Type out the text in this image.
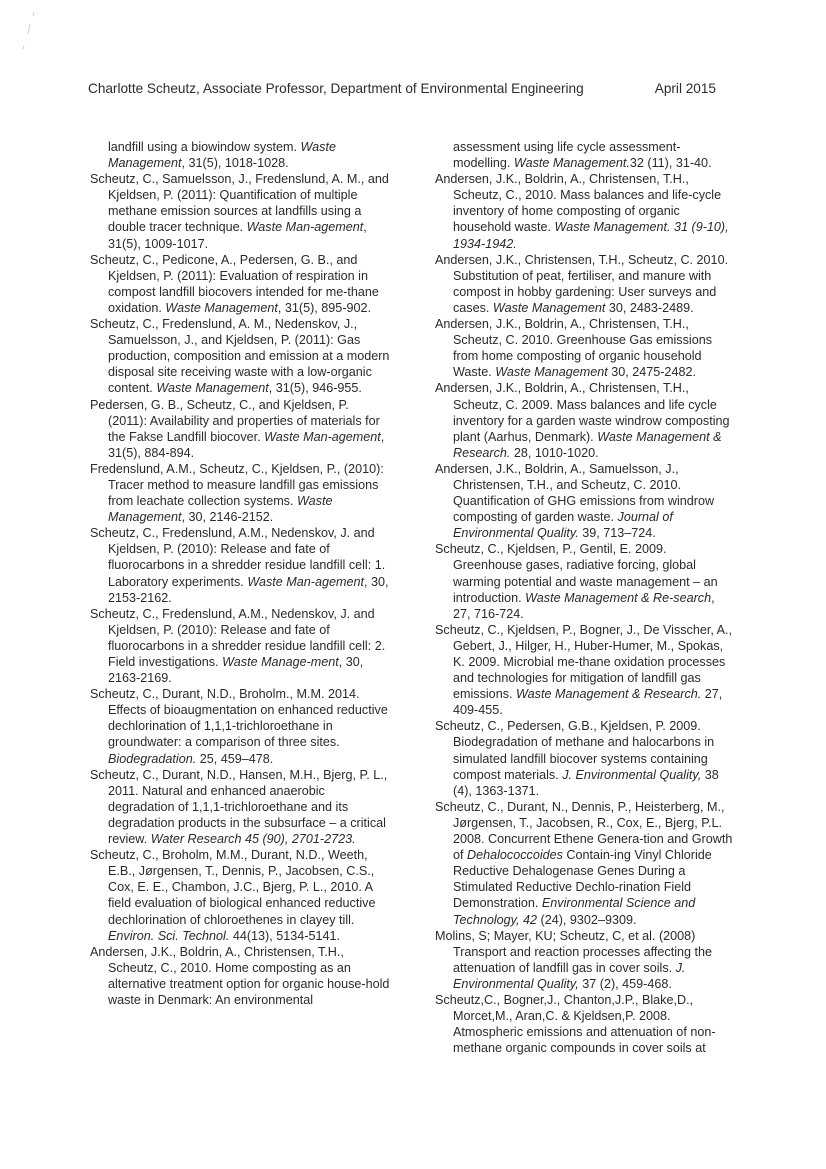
Charlotte Scheutz, Associate Professor, Department of Environmental Engineering	April 2015

landfill using a biowindow system. Waste Management, 31(5), 1018-1028.

Scheutz, C., Samuelsson, J., Fredenslund, A. M., and Kjeldsen, P. (2011): Quantification of multiple methane emission sources at landfills using a double tracer technique. Waste Man-agement, 31(5), 1009-1017.

Scheutz, C., Pedicone, A., Pedersen, G. B., and Kjeldsen, P. (2011): Evaluation of respiration in compost landfill biocovers intended for me-thane oxidation. Waste Management, 31(5), 895-902.

Scheutz, C., Fredenslund, A. M., Nedenskov, J., Samuelsson, J., and Kjeldsen, P. (2011): Gas production, composition and emission at a modern disposal site receiving waste with a low-organic content. Waste Management, 31(5), 946-955.

Pedersen, G. B., Scheutz, C., and Kjeldsen, P. (2011): Availability and properties of materials for the Fakse Landfill biocover. Waste Man-agement, 31(5), 884-894.

Fredenslund, A.M., Scheutz, C., Kjeldsen, P., (2010): Tracer method to measure landfill gas emissions from leachate collection systems. Waste Management, 30, 2146-2152.

Scheutz, C., Fredenslund, A.M., Nedenskov, J. and Kjeldsen, P. (2010): Release and fate of fluorocarbons in a shredder residue landfill cell: 1. Laboratory experiments. Waste Man-agement, 30, 2153-2162.

Scheutz, C., Fredenslund, A.M., Nedenskov, J. and Kjeldsen, P. (2010): Release and fate of fluorocarbons in a shredder residue landfill cell: 2. Field investigations. Waste Manage-ment, 30, 2163-2169.

Scheutz, C., Durant, N.D., Broholm., M.M. 2014. Effects of bioaugmentation on enhanced reductive dechlorination of 1,1,1-trichloroethane in groundwater: a comparison of three sites. Biodegradation. 25, 459–478.

Scheutz, C., Durant, N.D., Hansen, M.H., Bjerg, P. L., 2011. Natural and enhanced anaerobic degradation of 1,1,1-trichloroethane and its degradation products in the subsurface – a critical review. Water Research 45 (90), 2701-2723.

Scheutz, C., Broholm, M.M., Durant, N.D., Weeth, E.B., Jørgensen, T., Dennis, P., Jacobsen, C.S., Cox, E. E., Chambon, J.C., Bjerg, P. L., 2010. A field evaluation of biological enhanced reductive dechlorination of chloroethenes in clayey till. Environ. Sci. Technol. 44(13), 5134-5141.

Andersen, J.K., Boldrin, A., Christensen, T.H., Scheutz, C., 2010. Home composting as an alternative treatment option for organic house-hold waste in Denmark: An environmental

assessment using life cycle assessment-modelling. Waste Management.32 (11), 31-40.

Andersen, J.K., Boldrin, A., Christensen, T.H., Scheutz, C., 2010. Mass balances and life-cycle inventory of home composting of organic household waste. Waste Management. 31 (9-10), 1934-1942.

Andersen, J.K., Christensen, T.H., Scheutz, C. 2010. Substitution of peat, fertiliser, and manure with compost in hobby gardening: User surveys and cases. Waste Management 30, 2483-2489.

Andersen, J.K., Boldrin, A., Christensen, T.H., Scheutz, C. 2010. Greenhouse Gas emissions from home composting of organic household Waste. Waste Management 30, 2475-2482.

Andersen, J.K., Boldrin, A., Christensen, T.H., Scheutz, C. 2009. Mass balances and life cycle inventory for a garden waste windrow composting plant (Aarhus, Denmark). Waste Management & Research. 28, 1010-1020.

Andersen, J.K., Boldrin, A., Samuelsson, J., Christensen, T.H., and Scheutz, C. 2010. Quantification of GHG emissions from windrow composting of garden waste. Journal of Environmental Quality. 39, 713–724.

Scheutz, C., Kjeldsen, P., Gentil, E. 2009. Greenhouse gases, radiative forcing, global warming potential and waste management – an introduction. Waste Management & Re-search, 27, 716-724.

Scheutz, C., Kjeldsen, P., Bogner, J., De Visscher, A., Gebert, J., Hilger, H., Huber-Humer, M., Spokas, K. 2009. Microbial me-thane oxidation processes and technologies for mitigation of landfill gas emissions. Waste Management & Research. 27, 409-455.

Scheutz, C., Pedersen, G.B., Kjeldsen, P. 2009. Biodegradation of methane and halocarbons in simulated landfill biocover systems containing compost materials. J. Environmental Quality, 38 (4), 1363-1371.

Scheutz, C., Durant, N., Dennis, P., Heisterberg, M., Jørgensen, T., Jacobsen, R., Cox, E., Bjerg, P.L. 2008. Concurrent Ethene Genera-tion and Growth of Dehalococcoides Contain-ing Vinyl Chloride Reductive Dehalogenase Genes During a Stimulated Reductive Dechlo-rination Field Demonstration. Environmental Science and Technology, 42 (24), 9302–9309.

Molins, S; Mayer, KU; Scheutz, C, et al. (2008) Transport and reaction processes affecting the attenuation of landfill gas in cover soils. J. Environmental Quality, 37 (2), 459-468.

Scheutz,C., Bogner,J., Chanton,J.P., Blake,D., Morcet,M., Aran,C. & Kjeldsen,P. 2008. Atmospheric emissions and attenuation of non-methane organic compounds in cover soils at
